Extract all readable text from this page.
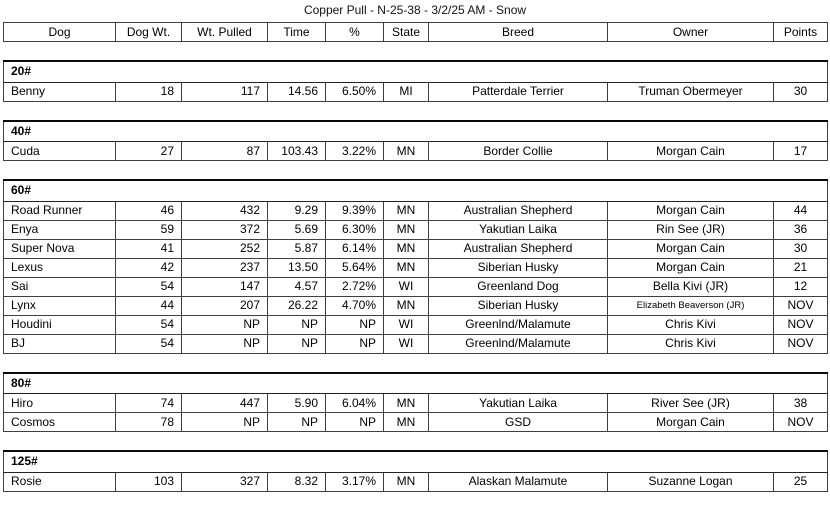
Copper Pull - N-25-38 - 3/2/25 AM - Snow
Dog	Dog Wt.	Wt. Pulled	Time	%	State	Breed	Owner	Points
20#
Benny	18	117	14.56	6.50%	MI	Patterdale Terrier	Truman Obermeyer	30
40#
Cuda	27	87	103.43	3.22%	MN	Border Collie	Morgan Cain	17
60#								
Road Runner	46	432	9.29	9.39%	MN	Australian Shepherd	Morgan Cain	44
Enya	59	372	5.69	6.30%	MN	Yakutian Laika	Rin See (JR)	36
Super Nova	41	252	5.87	6.14%	MN	Australian Shepherd	Morgan Cain	30
Lexus	42	237	13.50	5.64%	MN	Siberian Husky	Morgan Cain	21
Sai	54	147	4.57	2.72%	WI	Greenland Dog	Bella Kivi (JR)	12
Lynx	44	207	26.22	4.70%	MN	Siberian Husky	Elizabeth Beaverson (JR)	NOV
Houdini	54	NP	NP	NP	WI	Greenlnd/Malamute	Chris Kivi	NOV
BJ	54	NP	NP	NP	WI	Greenlnd/Malamute	Chris Kivi	NOV
80#								
Hiro	74	447	5.90	6.04%	MN	Yakutian Laika	River See (JR)	38
Cosmos	78	NP	NP	NP	MN	GSD	Morgan Cain	NOV
125#
Rosie	103	327	8.32	3.17%	MN	Alaskan Malamute	Suzanne Logan	25
